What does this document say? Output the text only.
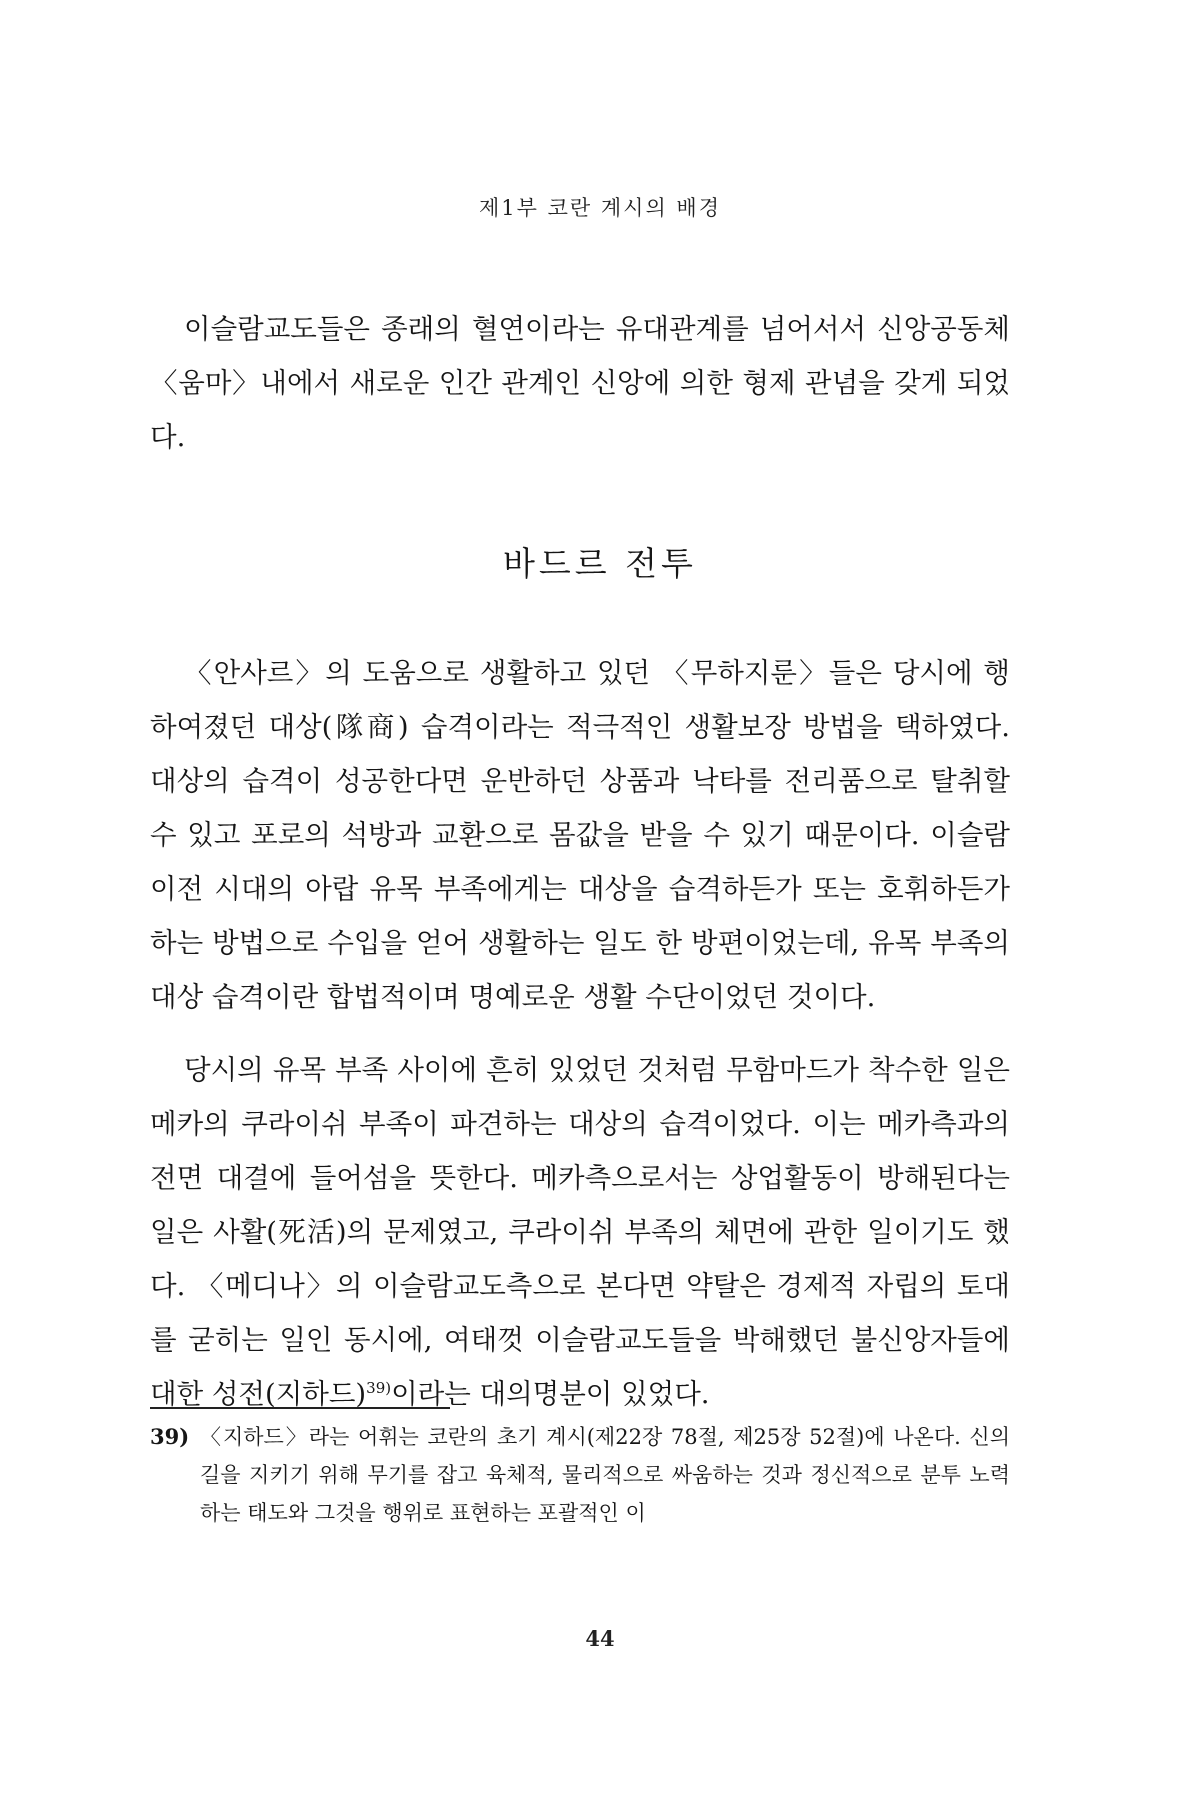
제1부 코란 계시의 배경

이슬람교도들은 종래의 혈연이라는 유대관계를 넘어서서 신앙공동체 〈움마〉내에서 새로운 인간 관계인 신앙에 의한 형제 관념을 갖게 되었다.

바드르 전투

〈안사르〉의 도움으로 생활하고 있던 〈무하지룬〉들은 당시에 행하여졌던 대상(隊商) 습격이라는 적극적인 생활보장 방법을 택하였다. 대상의 습격이 성공한다면 운반하던 상품과 낙타를 전리품으로 탈취할 수 있고 포로의 석방과 교환으로 몸값을 받을 수 있기 때문이다. 이슬람 이전 시대의 아랍 유목 부족에게는 대상을 습격하든가 또는 호휘하든가 하는 방법으로 수입을 얻어 생활하는 일도 한 방편이었는데, 유목 부족의 대상 습격이란 합법적이며 명예로운 생활 수단이었던 것이다.

당시의 유목 부족 사이에 흔히 있었던 것처럼 무함마드가 착수한 일은 메카의 쿠라이쉬 부족이 파견하는 대상의 습격이었다. 이는 메카측과의 전면 대결에 들어섬을 뜻한다. 메카측으로서는 상업활동이 방해된다는 일은 사활(死活)의 문제였고, 쿠라이쉬 부족의 체면에 관한 일이기도 했다. 〈메디나〉의 이슬람교도측으로 본다면 약탈은 경제적 자립의 토대를 굳히는 일인 동시에, 여태껏 이슬람교도들을 박해했던 불신앙자들에 대한 성전(지하드)$^{39)}$이라는 대의명분이 있었다.

39) 〈지하드〉라는 어휘는 코란의 초기 계시(제22장 78절, 제25장 52절)에 나온다. 신의 길을 지키기 위해 무기를 잡고 육체적, 물리적으로 싸움하는 것과 정신적으로 분투 노력하는 태도와 그것을 행위로 표현하는 포괄적인 이
44
